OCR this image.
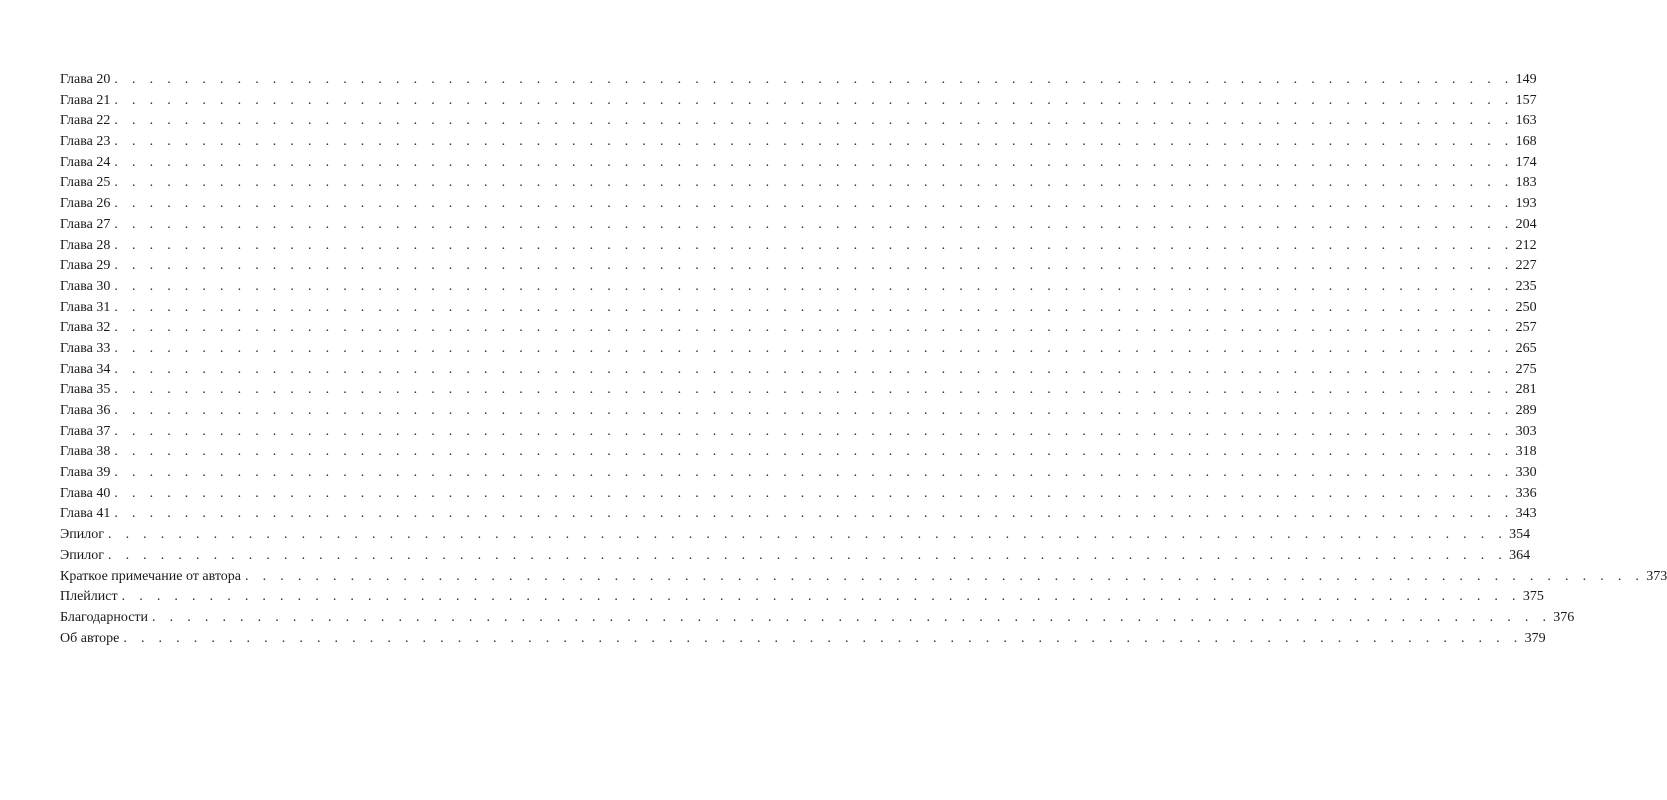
Глава 20 . . . . . . . . . . . . . . . . . . . . . . . . . . . . . . . . . . . . . . . . . . . . . . . . . . . . . . . . . . . . . . . . . . . . . . . . . . . . . . . . 149
Глава 21 . . . . . . . . . . . . . . . . . . . . . . . . . . . . . . . . . . . . . . . . . . . . . . . . . . . . . . . . . . . . . . . . . . . . . . . . . . . . . . . . 157
Глава 22 . . . . . . . . . . . . . . . . . . . . . . . . . . . . . . . . . . . . . . . . . . . . . . . . . . . . . . . . . . . . . . . . . . . . . . . . . . . . . . . . 163
Глава 23 . . . . . . . . . . . . . . . . . . . . . . . . . . . . . . . . . . . . . . . . . . . . . . . . . . . . . . . . . . . . . . . . . . . . . . . . . . . . . . . . 168
Глава 24 . . . . . . . . . . . . . . . . . . . . . . . . . . . . . . . . . . . . . . . . . . . . . . . . . . . . . . . . . . . . . . . . . . . . . . . . . . . . . . . . 174
Глава 25 . . . . . . . . . . . . . . . . . . . . . . . . . . . . . . . . . . . . . . . . . . . . . . . . . . . . . . . . . . . . . . . . . . . . . . . . . . . . . . . . 183
Глава 26 . . . . . . . . . . . . . . . . . . . . . . . . . . . . . . . . . . . . . . . . . . . . . . . . . . . . . . . . . . . . . . . . . . . . . . . . . . . . . . . . 193
Глава 27 . . . . . . . . . . . . . . . . . . . . . . . . . . . . . . . . . . . . . . . . . . . . . . . . . . . . . . . . . . . . . . . . . . . . . . . . . . . . . . . . 204
Глава 28 . . . . . . . . . . . . . . . . . . . . . . . . . . . . . . . . . . . . . . . . . . . . . . . . . . . . . . . . . . . . . . . . . . . . . . . . . . . . . . . . 212
Глава 29 . . . . . . . . . . . . . . . . . . . . . . . . . . . . . . . . . . . . . . . . . . . . . . . . . . . . . . . . . . . . . . . . . . . . . . . . . . . . . . . . 227
Глава 30 . . . . . . . . . . . . . . . . . . . . . . . . . . . . . . . . . . . . . . . . . . . . . . . . . . . . . . . . . . . . . . . . . . . . . . . . . . . . . . . . 235
Глава 31 . . . . . . . . . . . . . . . . . . . . . . . . . . . . . . . . . . . . . . . . . . . . . . . . . . . . . . . . . . . . . . . . . . . . . . . . . . . . . . . . 250
Глава 32 . . . . . . . . . . . . . . . . . . . . . . . . . . . . . . . . . . . . . . . . . . . . . . . . . . . . . . . . . . . . . . . . . . . . . . . . . . . . . . . . 257
Глава 33 . . . . . . . . . . . . . . . . . . . . . . . . . . . . . . . . . . . . . . . . . . . . . . . . . . . . . . . . . . . . . . . . . . . . . . . . . . . . . . . . 265
Глава 34 . . . . . . . . . . . . . . . . . . . . . . . . . . . . . . . . . . . . . . . . . . . . . . . . . . . . . . . . . . . . . . . . . . . . . . . . . . . . . . . . 275
Глава 35 . . . . . . . . . . . . . . . . . . . . . . . . . . . . . . . . . . . . . . . . . . . . . . . . . . . . . . . . . . . . . . . . . . . . . . . . . . . . . . . . 281
Глава 36 . . . . . . . . . . . . . . . . . . . . . . . . . . . . . . . . . . . . . . . . . . . . . . . . . . . . . . . . . . . . . . . . . . . . . . . . . . . . . . . . 289
Глава 37 . . . . . . . . . . . . . . . . . . . . . . . . . . . . . . . . . . . . . . . . . . . . . . . . . . . . . . . . . . . . . . . . . . . . . . . . . . . . . . . . 303
Глава 38 . . . . . . . . . . . . . . . . . . . . . . . . . . . . . . . . . . . . . . . . . . . . . . . . . . . . . . . . . . . . . . . . . . . . . . . . . . . . . . . . 318
Глава 39 . . . . . . . . . . . . . . . . . . . . . . . . . . . . . . . . . . . . . . . . . . . . . . . . . . . . . . . . . . . . . . . . . . . . . . . . . . . . . . . . 330
Глава 40 . . . . . . . . . . . . . . . . . . . . . . . . . . . . . . . . . . . . . . . . . . . . . . . . . . . . . . . . . . . . . . . . . . . . . . . . . . . . . . . . 336
Глава 41 . . . . . . . . . . . . . . . . . . . . . . . . . . . . . . . . . . . . . . . . . . . . . . . . . . . . . . . . . . . . . . . . . . . . . . . . . . . . . . . . 343
Эпилог . . . . . . . . . . . . . . . . . . . . . . . . . . . . . . . . . . . . . . . . . . . . . . . . . . . . . . . . . . . . . . . . . . . . . . . . . . . . . . . . 354
Эпилог . . . . . . . . . . . . . . . . . . . . . . . . . . . . . . . . . . . . . . . . . . . . . . . . . . . . . . . . . . . . . . . . . . . . . . . . . . . . . . . . 364
Краткое примечание от автора . . . . . . . . . . . . . . . . . . . . . . . . . . . . . . . . . . . . . . . . . . . . . . . . . . . . . . . . . . . . . . . . . . . . . . . . . . . . . . . . 373
Плейлист . . . . . . . . . . . . . . . . . . . . . . . . . . . . . . . . . . . . . . . . . . . . . . . . . . . . . . . . . . . . . . . . . . . . . . . . . . . . . . . . 375
Благодарности . . . . . . . . . . . . . . . . . . . . . . . . . . . . . . . . . . . . . . . . . . . . . . . . . . . . . . . . . . . . . . . . . . . . . . . . . . . . . . . . 376
Об авторе . . . . . . . . . . . . . . . . . . . . . . . . . . . . . . . . . . . . . . . . . . . . . . . . . . . . . . . . . . . . . . . . . . . . . . . . . . . . . . . . 379
